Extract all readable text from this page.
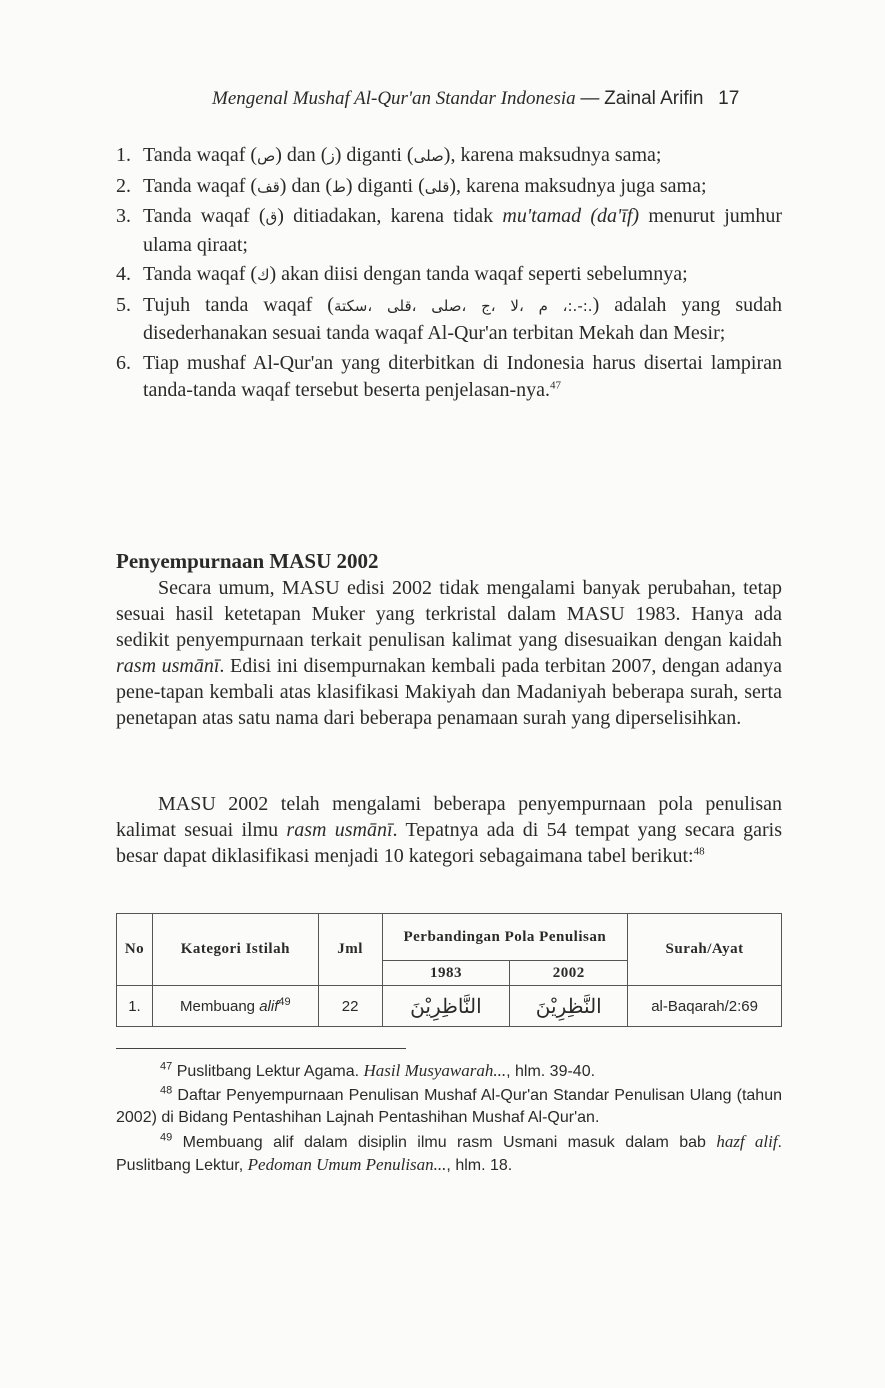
Mengenal Mushaf Al-Qur'an Standar Indonesia — Zainal Arifin 17
1. Tanda waqaf (ص) dan (ز) diganti (صلى), karena maksudnya sama;
2. Tanda waqaf (قف) dan (ط) diganti (قلى), karena maksudnya juga sama;
3. Tanda waqaf (ق) ditiadakan, karena tidak mu'tamad (da'īf) menurut jumhur ulama qiraat;
4. Tanda waqaf (ك) akan diisi dengan tanda waqaf seperti sebelumnya;
5. Tujuh tanda waqaf (م ،لا ،ج ،صلى ،قلى ،سكتة ،:.-:.) adalah yang sudah disederhanakan sesuai tanda waqaf Al-Qur'an terbitan Mekah dan Mesir;
6. Tiap mushaf Al-Qur'an yang diterbitkan di Indonesia harus disertai lampiran tanda-tanda waqaf tersebut beserta penjelasan-nya.$^{47}$
Penyempurnaan MASU 2002

Secara umum, MASU edisi 2002 tidak mengalami banyak perubahan, tetap sesuai hasil ketetapan Muker yang terkristal dalam MASU 1983. Hanya ada sedikit penyempurnaan terkait penulisan kalimat yang disesuaikan dengan kaidah rasm usmānī. Edisi ini disempurnakan kembali pada terbitan 2007, dengan adanya pene-tapan kembali atas klasifikasi Makiyah dan Madaniyah beberapa surah, serta penetapan atas satu nama dari beberapa penamaan surah yang diperselisihkan.

MASU 2002 telah mengalami beberapa penyempurnaan pola penulisan kalimat sesuai ilmu rasm usmānī. Tepatnya ada di 54 tempat yang secara garis besar dapat diklasifikasi menjadi 10 kategori sebagaimana tabel berikut:$^{48}$

No	Kategori Istilah	Jml	Perbandingan Pola Penulisan		Surah/Ayat
			1983	2002	
1.	Membuang alif$^{49}$	22	النَّاظِرِيْنَ	النَّظِرِيْنَ	al-Baqarah/2:69

$^{47}$ Puslitbang Lektur Agama. Hasil Musyawarah..., hlm. 39-40.

$^{48}$ Daftar Penyempurnaan Penulisan Mushaf Al-Qur'an Standar Penulisan Ulang (tahun 2002) di Bidang Pentashihan Lajnah Pentashihan Mushaf Al-Qur'an.

$^{49}$ Membuang alif dalam disiplin ilmu rasm Usmani masuk dalam bab hazf alif. Puslitbang Lektur, Pedoman Umum Penulisan..., hlm. 18.
